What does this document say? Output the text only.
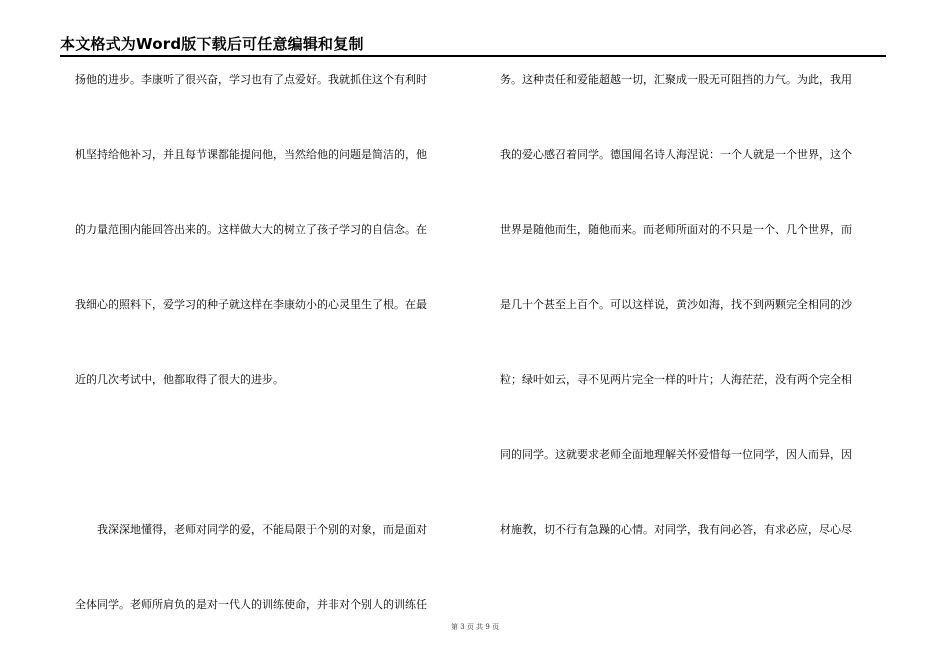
本文格式为Word版下载后可任意编辑和复制
扬他的进步。李康听了很兴奋，学习也有了点爱好。我就抓住这个有利时
机坚持给他补习，并且每节课都能提问他，当然给他的问题是简洁的，他
的力量范围内能回答出来的。这样做大大的树立了孩子学习的自信念。在
我细心的照料下，爱学习的种子就这样在李康幼小的心灵里生了根。在最
近的几次考试中，他都取得了很大的进步。
我深深地懂得，老师对同学的爱，不能局限于个别的对象，而是面对
全体同学。老师所肩负的是对一代人的训练使命，并非对个别人的训练任
务。这种责任和爱能超越一切，汇聚成一股无可阻挡的力气。为此，我用
我的爱心感召着同学。德国闻名诗人海涅说：一个人就是一个世界，这个
世界是随他而生，随他而来。而老师所面对的不只是一个、几个世界，而
是几十个甚至上百个。可以这样说，黄沙如海，找不到两颗完全相同的沙
粒；绿叶如云，寻不见两片完全一样的叶片；人海茫茫，没有两个完全相
同的同学。这就要求老师全面地理解关怀爱惜每一位同学，因人而异，因
材施教，切不行有急躁的心情。对同学，我有问必答，有求必应，尽心尽
第 3 页 共 9 页
